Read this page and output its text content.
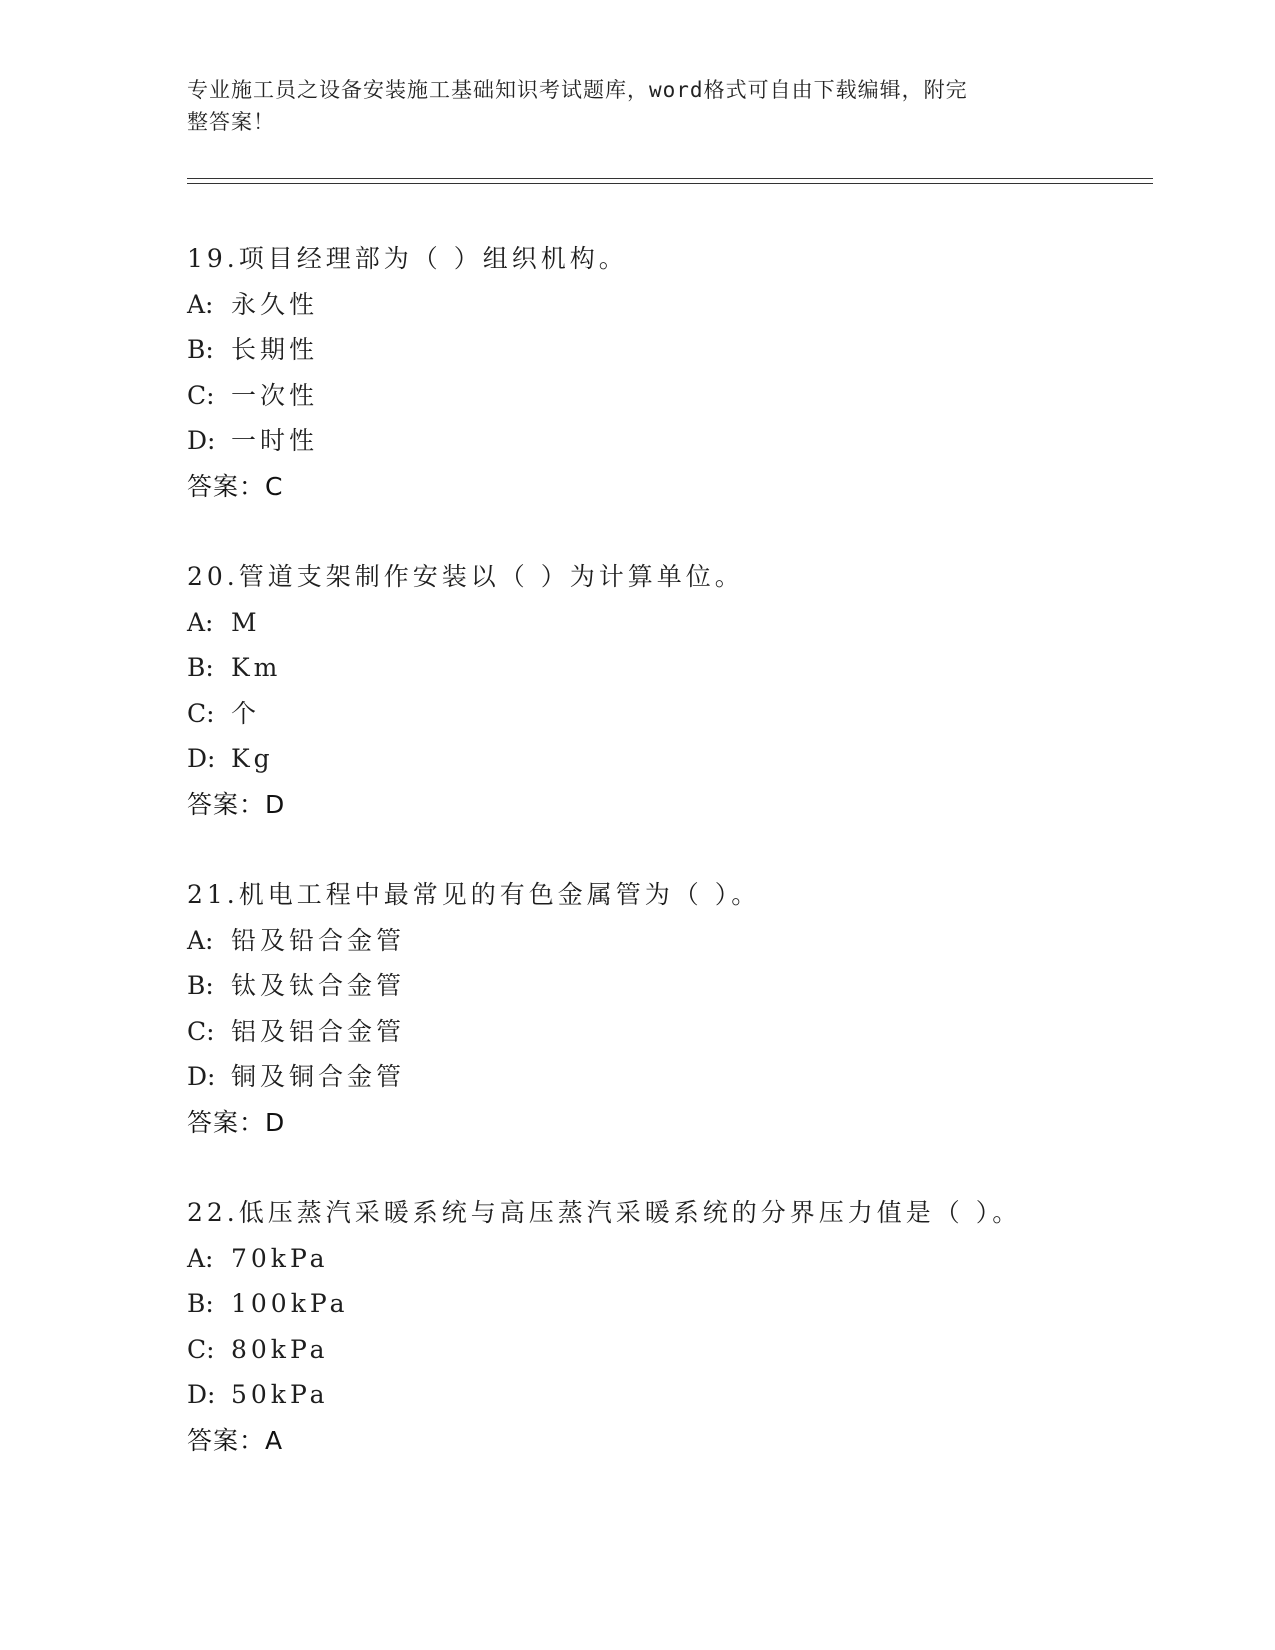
专业施工员之设备安装施工基础知识考试题库，word格式可自由下载编辑，附完
整答案！
19.项目经理部为（ ）组织机构。
A: 永久性
B: 长期性
C: 一次性
D: 一时性
答案：C
20.管道支架制作安装以（ ）为计算单位。
A: M
B: Km
C: 个
D: Kg
答案：D
21.机电工程中最常见的有色金属管为（ ）。
A: 铅及铅合金管
B: 钛及钛合金管
C: 铝及铝合金管
D: 铜及铜合金管
答案：D
22.低压蒸汽采暖系统与高压蒸汽采暖系统的分界压力值是（ ）。
A: 70kPa
B: 100kPa
C: 80kPa
D: 50kPa
答案：A
